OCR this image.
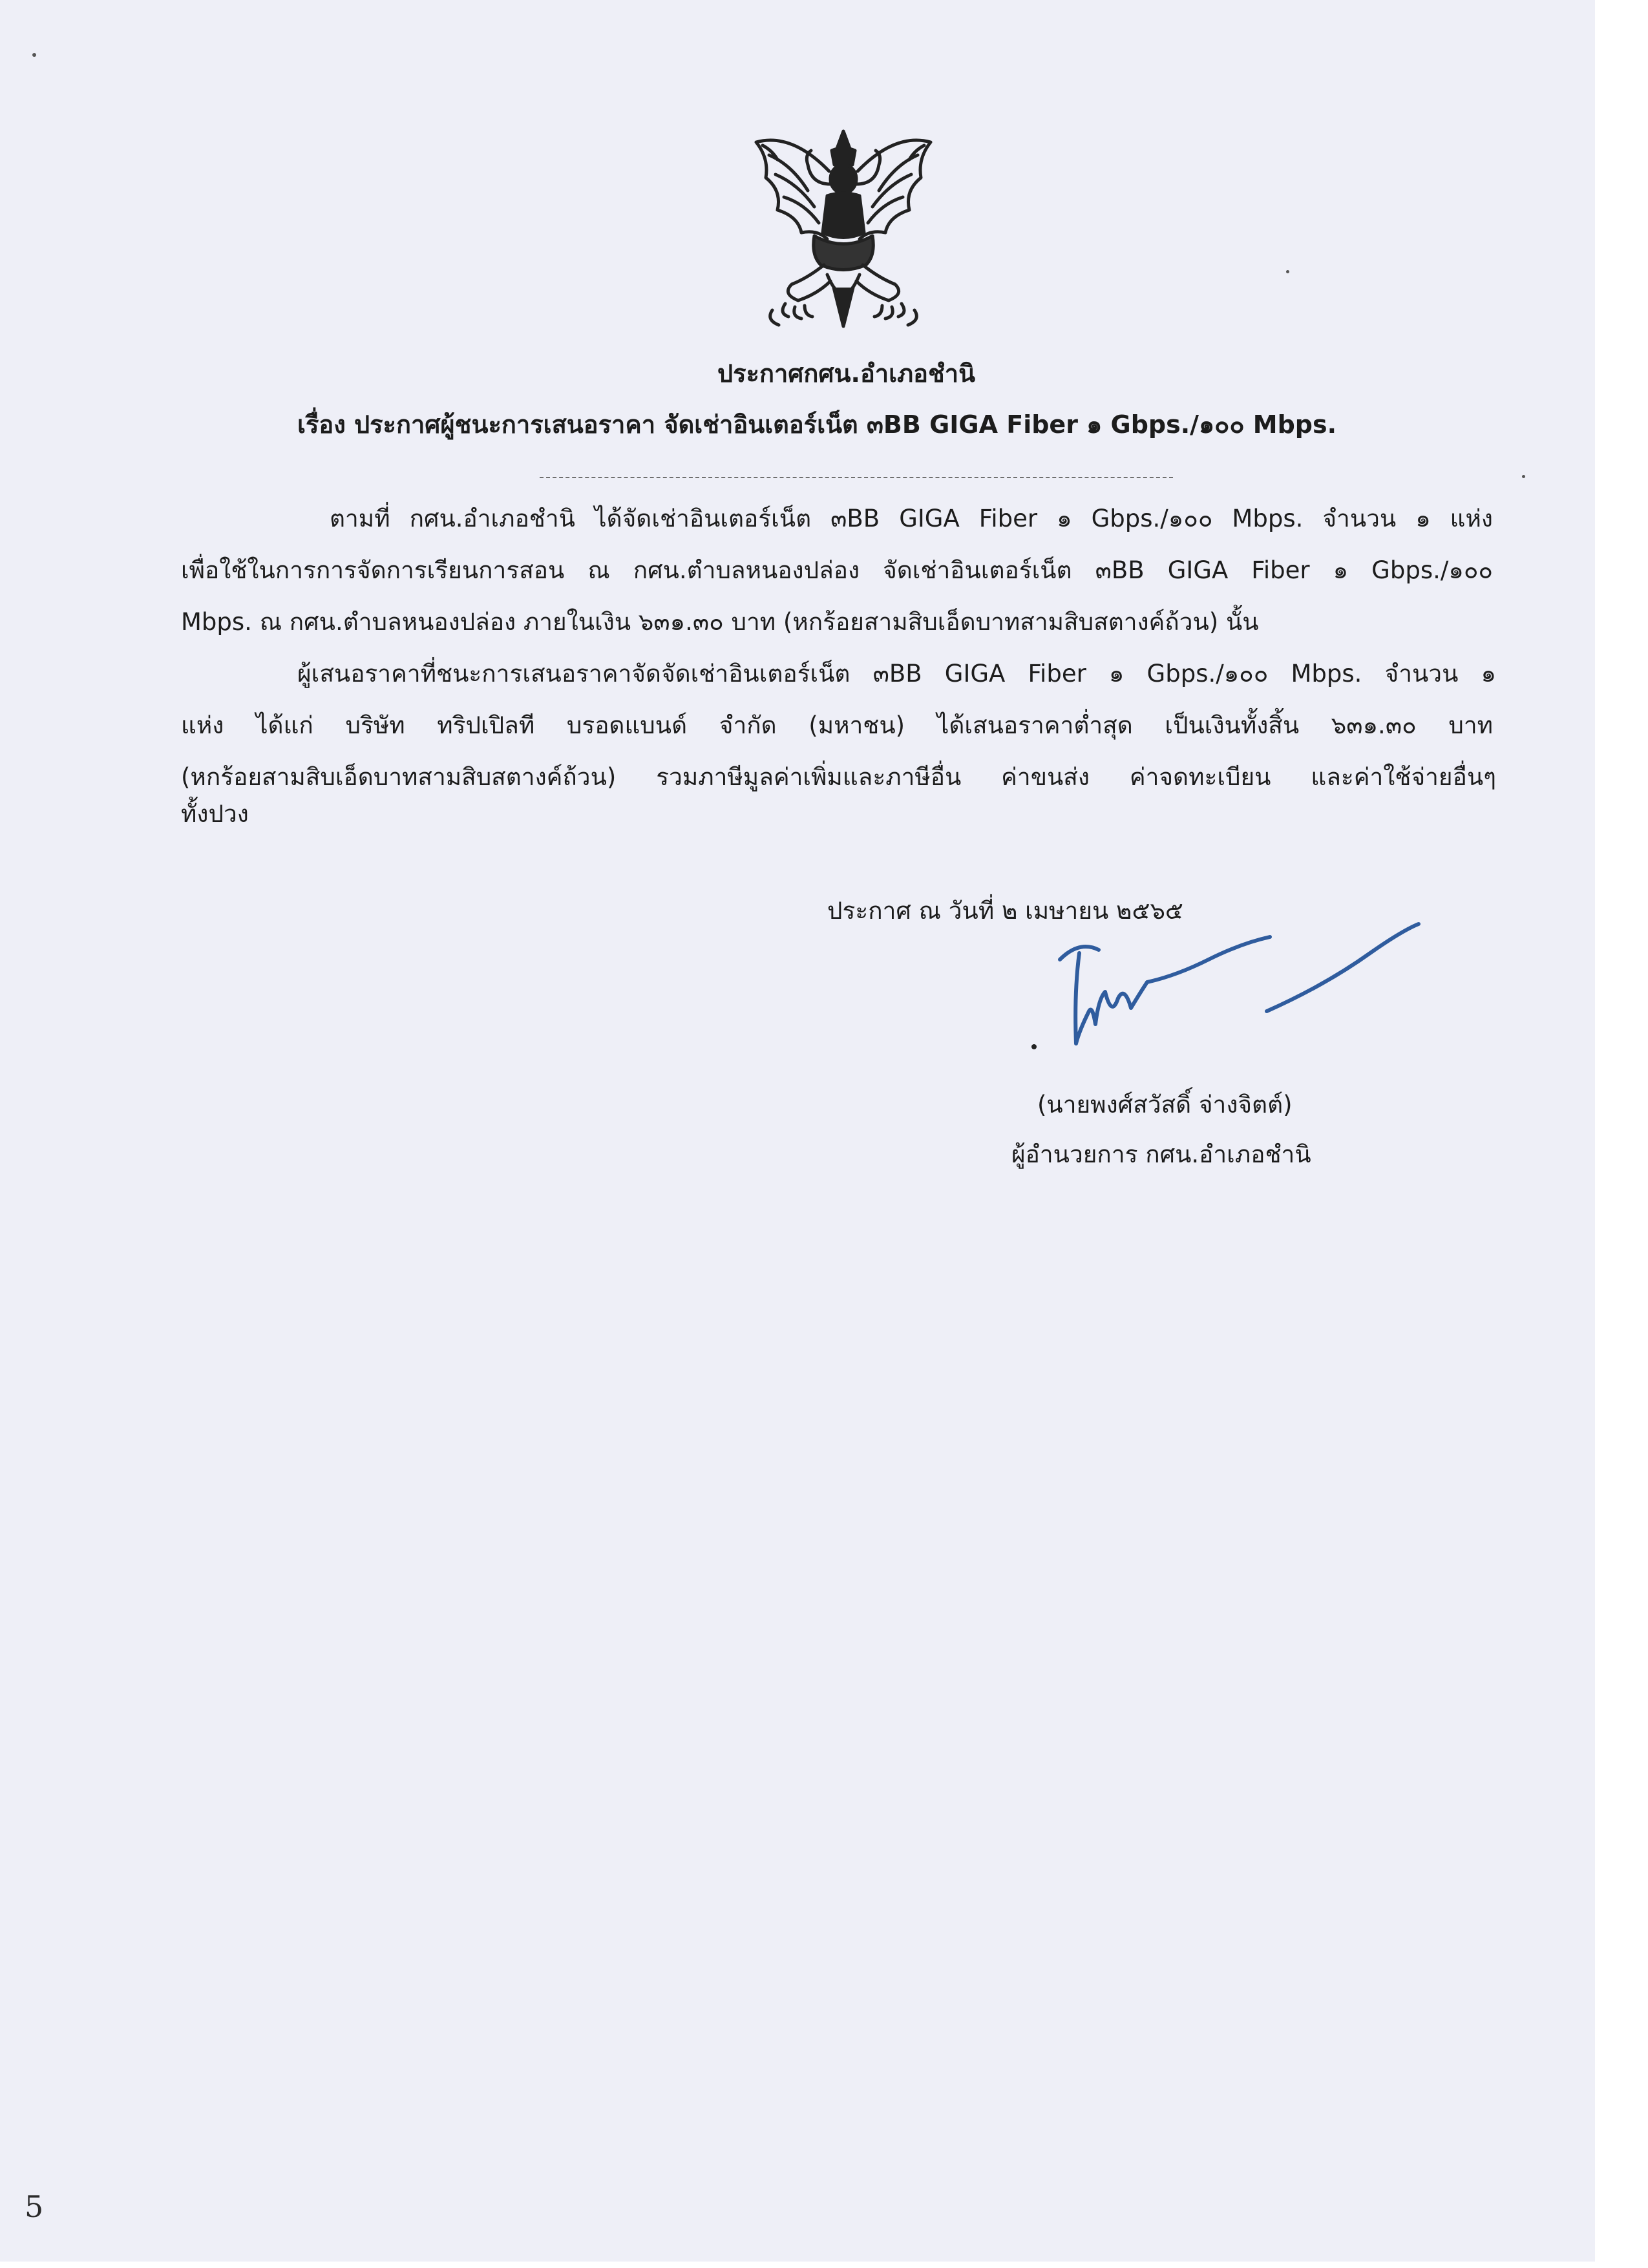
ประกาศกศน.อำเภอชำนิ
เรื่อง ประกาศผู้ชนะการเสนอราคา จัดเช่าอินเตอร์เน็ต ๓BB GIGA Fiber ๑ Gbps./๑๐๐ Mbps.
ตามที่ กศน.อำเภอชำนิ ได้จัดเช่าอินเตอร์เน็ต ๓BB GIGA Fiber ๑ Gbps./๑๐๐ Mbps. จำนวน ๑ แห่ง
เพื่อใช้ในการการจัดการเรียนการสอน ณ กศน.ตำบลหนองปล่อง จัดเช่าอินเตอร์เน็ต ๓BB GIGA Fiber ๑ Gbps./๑๐๐
Mbps. ณ กศน.ตำบลหนองปล่อง ภายในเงิน ๖๓๑.๓๐ บาท (หกร้อยสามสิบเอ็ดบาทสามสิบสตางค์ถ้วน) นั้น
ผู้เสนอราคาที่ชนะการเสนอราคาจัดจัดเช่าอินเตอร์เน็ต ๓BB GIGA Fiber ๑ Gbps./๑๐๐ Mbps. จำนวน ๑
แห่ง ได้แก่ บริษัท ทริปเปิลที บรอดแบนด์ จำกัด (มหาชน) ได้เสนอราคาต่ำสุด เป็นเงินทั้งสิ้น ๖๓๑.๓๐ บาท
(หกร้อยสามสิบเอ็ดบาทสามสิบสตางค์ถ้วน) รวมภาษีมูลค่าเพิ่มและภาษีอื่น ค่าขนส่ง ค่าจดทะเบียน และค่าใช้จ่ายอื่นๆ
ทั้งปวง
ประกาศ ณ วันที่ ๒ เมษายน ๒๕๖๕
(นายพงศ์สวัสดิ์ จ่างจิตต์)
ผู้อำนวยการ กศน.อำเภอชำนิ
5
